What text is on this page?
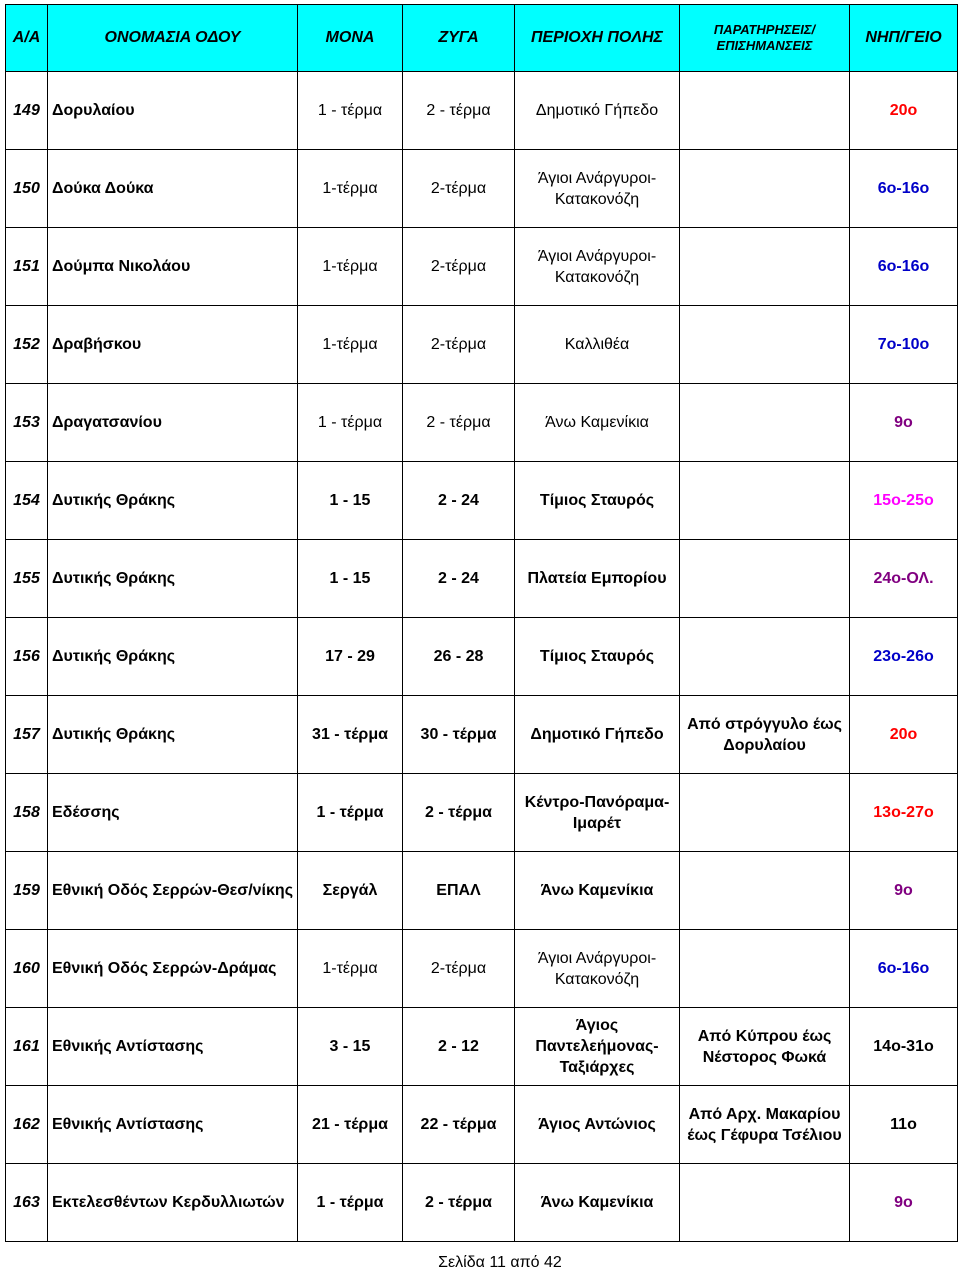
Α/Α	ΟΝΟΜΑΣΙΑ ΟΔΟΥ	ΜΟΝΑ	ΖΥΓΑ	ΠΕΡΙΟΧΗ ΠΟΛΗΣ	ΠΑΡΑΤΗΡΗΣΕΙΣ/
ΕΠΙΣΗΜΑΝΣΕΙΣ	ΝΗΠ/ΓΕΙΟ
149	Δορυλαίου	1 - τέρμα	2 - τέρμα	Δημοτικό Γήπεδο		20ο
150	Δούκα Δούκα	1-τέρμα	2-τέρμα	Άγιοι Ανάργυροι-
Κατακονόζη		6ο-16ο
151	Δούμπα Νικολάου	1-τέρμα	2-τέρμα	Άγιοι Ανάργυροι-
Κατακονόζη		6ο-16ο
152	Δραβήσκου	1-τέρμα	2-τέρμα	Καλλιθέα		7ο-10ο
153	Δραγατσανίου	1 - τέρμα	2 - τέρμα	Άνω Καμενίκια		9ο
154	Δυτικής Θράκης	1 - 15	2 - 24	Τίμιος Σταυρός		15ο-25ο
155	Δυτικής Θράκης	1 - 15	2 - 24	Πλατεία Εμπορίου		24ο-ΟΛ.
156	Δυτικής Θράκης	17 - 29	26 - 28	Τίμιος Σταυρός		23ο-26ο
157	Δυτικής Θράκης	31 - τέρμα	30 - τέρμα	Δημοτικό Γήπεδο	Από στρόγγυλο έως
Δορυλαίου	20ο
158	Εδέσσης	1 - τέρμα	2 - τέρμα	Κέντρο-Πανόραμα-
Ιμαρέτ		13ο-27ο
159	Εθνική Οδός Σερρών-Θεσ/νίκης	Σεργάλ	ΕΠΑΛ	Άνω Καμενίκια		9ο
160	Εθνική Οδός Σερρών-Δράμας	1-τέρμα	2-τέρμα	Άγιοι Ανάργυροι-
Κατακονόζη		6ο-16ο
161	Εθνικής Αντίστασης	3 - 15	2 - 12	Άγιος
Παντελεήμονας-
Ταξιάρχες	Από Κύπρου έως
Νέστορος Φωκά	14ο-31ο
162	Εθνικής Αντίστασης	21 - τέρμα	22 - τέρμα	Άγιος Αντώνιος	Από Αρχ. Μακαρίου
έως Γέφυρα Τσέλιου	11ο
163	Εκτελεσθέντων Κερδυλλιωτών	1 - τέρμα	2 - τέρμα	Άνω Καμενίκια		9ο
Σελίδα 11 από 42
